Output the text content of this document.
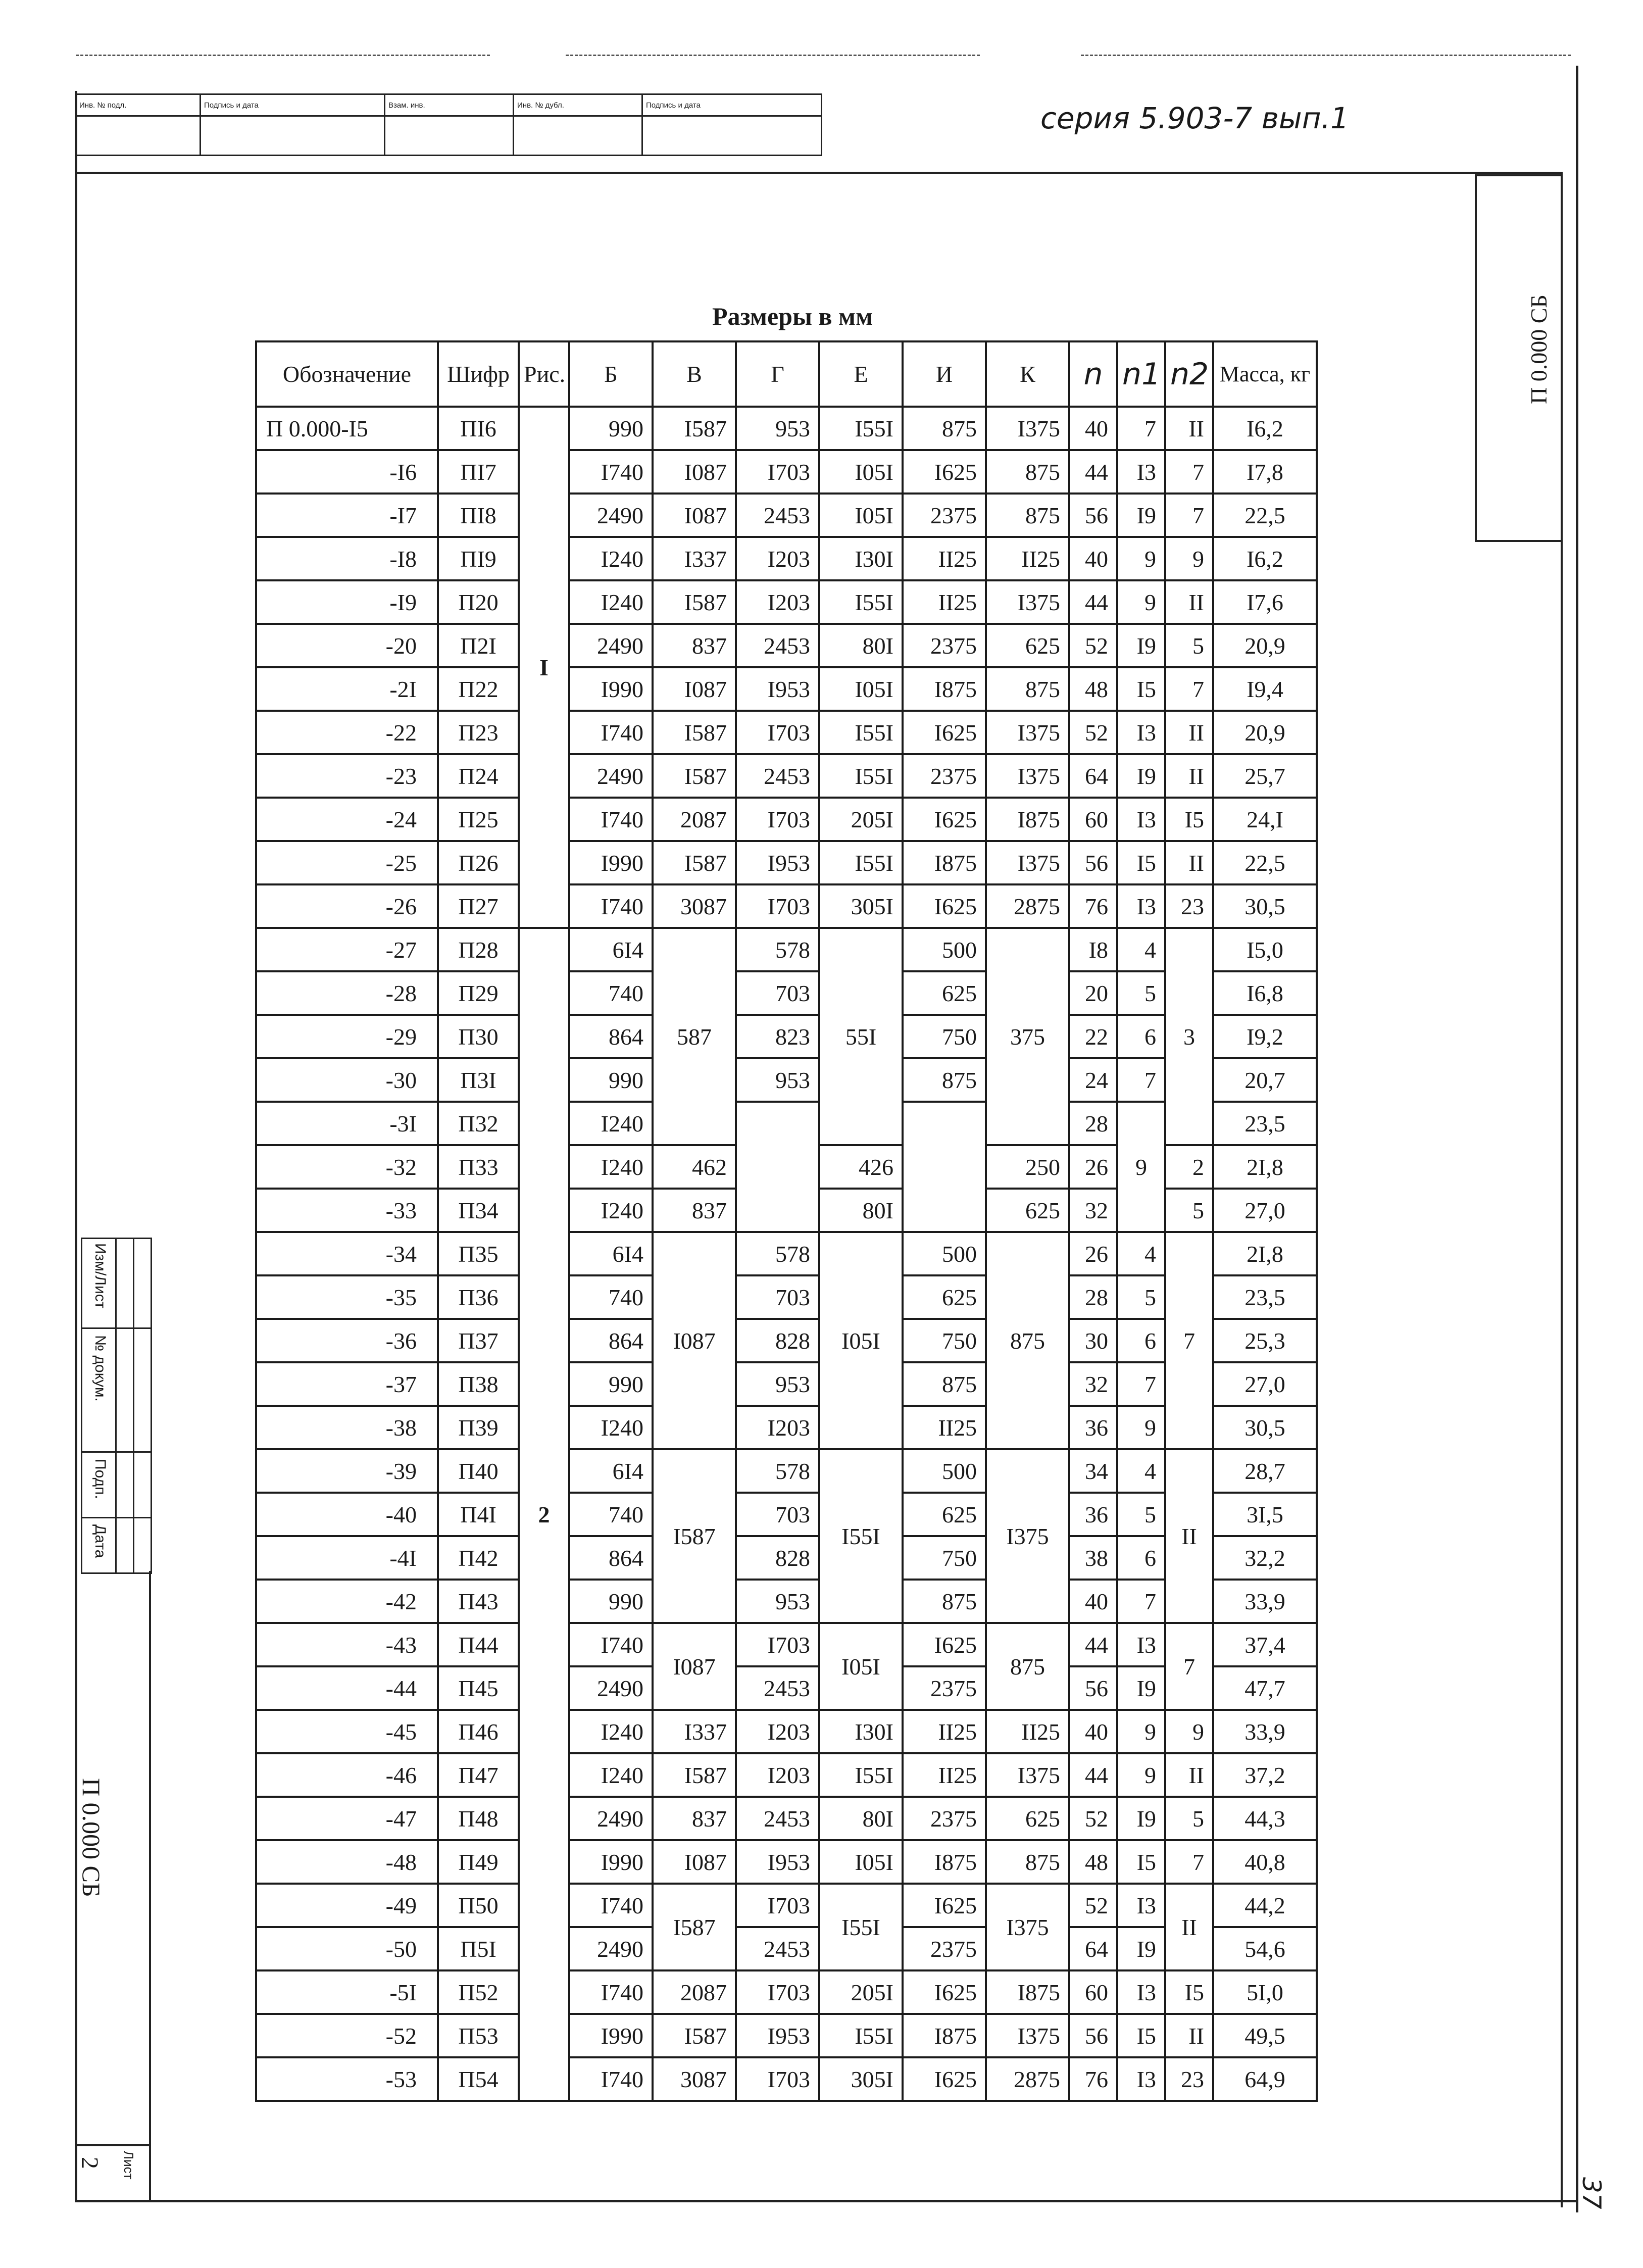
Инв. № подл.	Подпись и дата	Взам. инв.	Инв. № дубл.	Подпись и дата
					серия 5.903-7 вып.1
П 0.000 СБ
Размеры в мм
Обозначение	Шифр	Рис.	Б	В	Г	Е	И	К	n	n1	n2	Масса, кг
П 0.000-I5	ПI6	I	990	I587	953	I55I	875	I375	40	7	II	I6,2
-I6	ПI7		I740	I087	I703	I05I	I625	875	44	I3	7	I7,8
-I7	ПI8		2490	I087	2453	I05I	2375	875	56	I9	7	22,5
-I8	ПI9		I240	I337	I203	I30I	II25	II25	40	9	9	I6,2
-I9	П20		I240	I587	I203	I55I	II25	I375	44	9	II	I7,6
-20	П2I		2490	837	2453	80I	2375	625	52	I9	5	20,9
-2I	П22		I990	I087	I953	I05I	I875	875	48	I5	7	I9,4
-22	П23		I740	I587	I703	I55I	I625	I375	52	I3	II	20,9
-23	П24		2490	I587	2453	I55I	2375	I375	64	I9	II	25,7
-24	П25		I740	2087	I703	205I	I625	I875	60	I3	I5	24,I
-25	П26		I990	I587	I953	I55I	I875	I375	56	I5	II	22,5
-26	П27		I740	3087	I703	305I	I625	2875	76	I3	23	30,5
-27	П28	2	6I4	587	578	55I	500	375	I8	4	3	I5,0
-28	П29		740		703		625		20	5		I6,8
-29	П30		864		823		750		22	6		I9,2
-30	П3I		990		953		875		24	7		20,7
-3I	П32		I240						28	9		23,5
-32	П33		I240	462		426		250	26		2	2I,8
-33	П34		I240	837		80I		625	32		5	27,0
-34	П35		6I4	I087	578	I05I	500	875	26	4	7	2I,8
-35	П36		740		703		625		28	5		23,5
-36	П37		864		828		750		30	6		25,3
-37	П38		990		953		875		32	7		27,0
-38	П39		I240		I203		II25		36	9		30,5
-39	П40		6I4	I587	578	I55I	500	I375	34	4	II	28,7
-40	П4I		740		703		625		36	5		3I,5
-4I	П42		864		828		750		38	6		32,2
-42	П43		990		953		875		40	7		33,9
-43	П44		I740	I087	I703	I05I	I625	875	44	I3	7	37,4
-44	П45		2490		2453		2375		56	I9		47,7
-45	П46		I240	I337	I203	I30I	II25	II25	40	9	9	33,9
-46	П47		I240	I587	I203	I55I	II25	I375	44	9	II	37,2
-47	П48		2490	837	2453	80I	2375	625	52	I9	5	44,3
-48	П49		I990	I087	I953	I05I	I875	875	48	I5	7	40,8
-49	П50		I740	I587	I703	I55I	I625	I375	52	I3	II	44,2
-50	П5I		2490		2453		2375		64	I9		54,6
-5I	П52		I740	2087	I703	205I	I625	I875	60	I3	I5	5I,0
-52	П53		I990	I587	I953	I55I	I875	I375	56	I5	II	49,5
-53	П54		I740	3087	I703	305I	I625	2875	76	I3	23	64,9
Изм/Лист
№ докум.
Подп.
Дата
П 0.000 СБ
Лист
2
37
